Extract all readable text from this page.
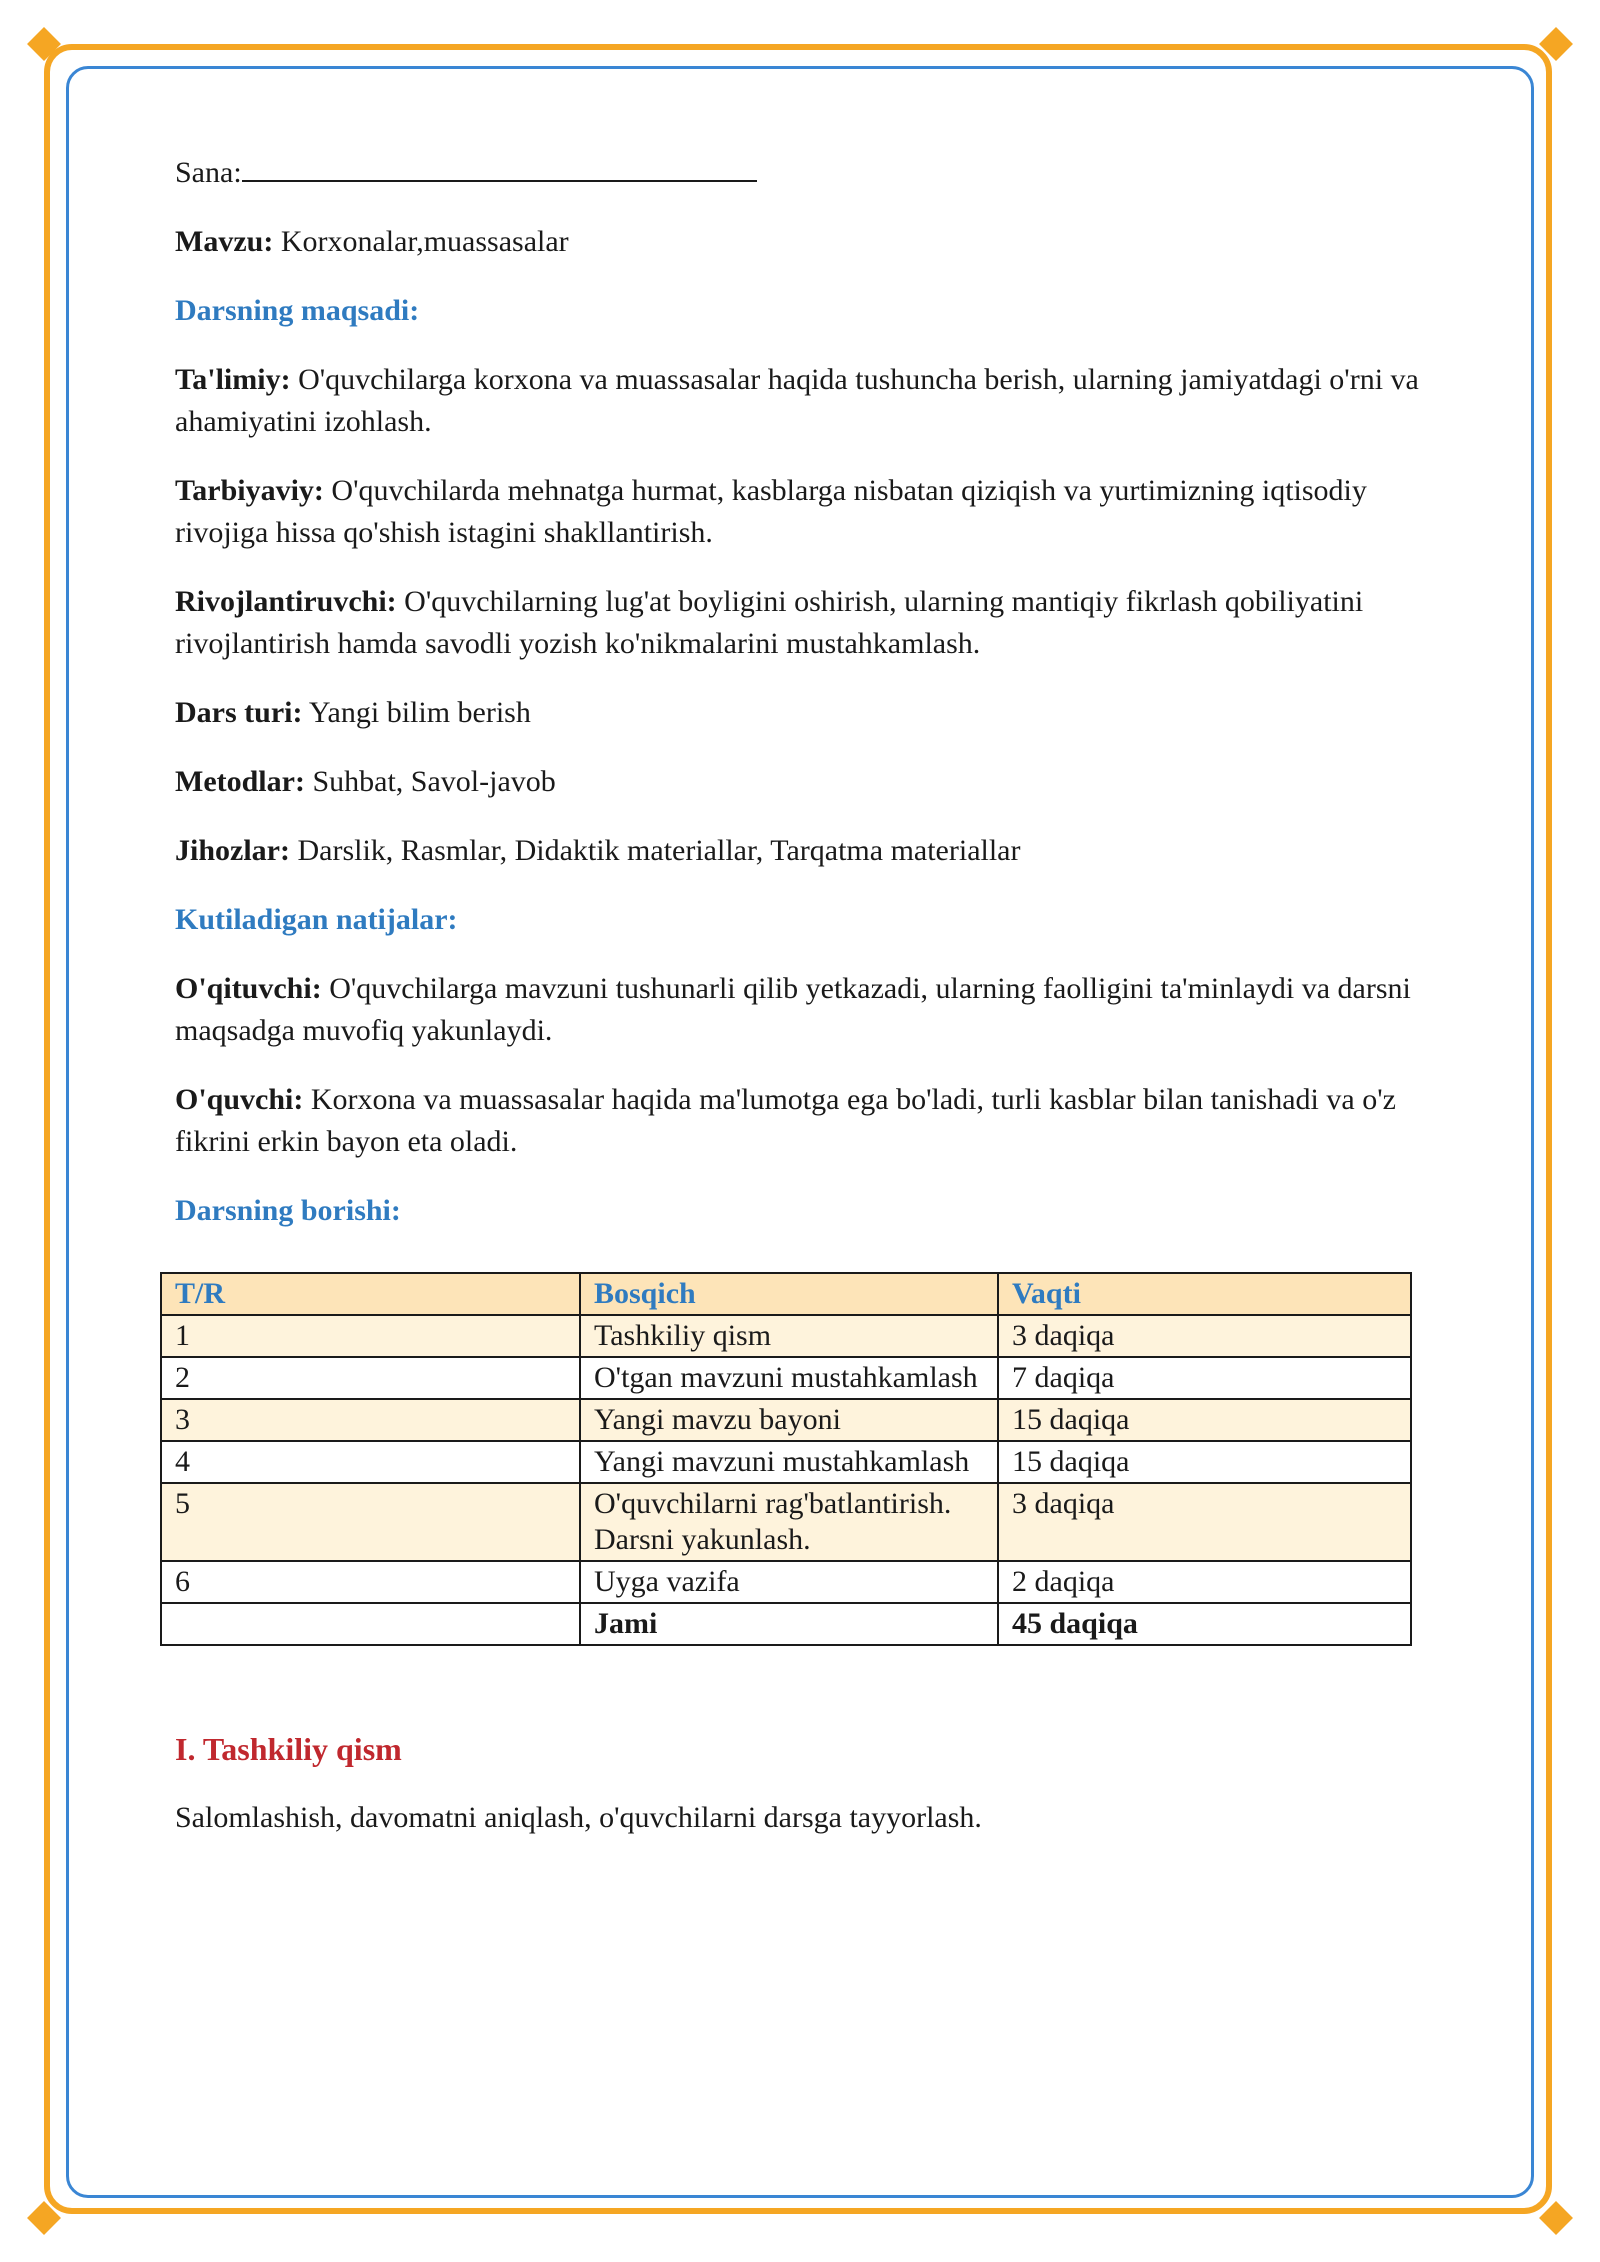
Sana:

Mavzu: Korxonalar,muassasalar

Darsning maqsadi:

Ta'limiy: O'quvchilarga korxona va muassasalar haqida tushuncha berish, ularning jamiyatdagi o'rni va ahamiyatini izohlash.

Tarbiyaviy: O'quvchilarda mehnatga hurmat, kasblarga nisbatan qiziqish va yurtimizning iqtisodiy rivojiga hissa qo'shish istagini shakllantirish.

Rivojlantiruvchi: O'quvchilarning lug'at boyligini oshirish, ularning mantiqiy fikrlash qobiliyatini rivojlantirish hamda savodli yozish ko'nikmalarini mustahkamlash.

Dars turi: Yangi bilim berish

Metodlar: Suhbat, Savol-javob

Jihozlar: Darslik, Rasmlar, Didaktik materiallar, Tarqatma materiallar

Kutiladigan natijalar:

O'qituvchi: O'quvchilarga mavzuni tushunarli qilib yetkazadi, ularning faolligini ta'minlaydi va darsni maqsadga muvofiq yakunlaydi.

O'quvchi: Korxona va muassasalar haqida ma'lumotga ega bo'ladi, turli kasblar bilan tanishadi va o'z fikrini erkin bayon eta oladi.

Darsning borishi:

T/R	Bosqich	Vaqti
1	Tashkiliy qism	3 daqiqa
2	O'tgan mavzuni mustahkamlash	7 daqiqa
3	Yangi mavzu bayoni	15 daqiqa
4	Yangi mavzuni mustahkamlash	15 daqiqa
5	O'quvchilarni rag'batlantirish. Darsni yakunlash.	3 daqiqa
6	Uyga vazifa	2 daqiqa
	Jami	45 daqiqa

I. Tashkiliy qism

Salomlashish, davomatni aniqlash, o'quvchilarni darsga tayyorlash.
